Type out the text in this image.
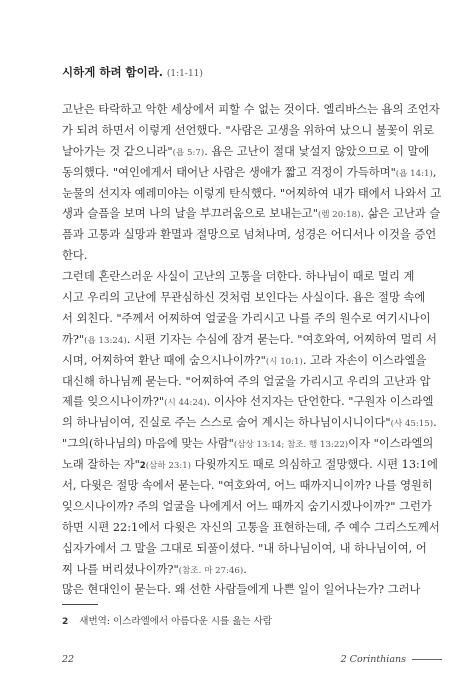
시하게 하려 함이라. (1:1-11)
고난은 타락하고 악한 세상에서 피할 수 없는 것이다. 엘리바스는 욥의 조언자
가 되려 하면서 이렇게 선언했다. "사람은 고생을 위하여 났으니 불꽃이 위로
날아가는 것 같으니라"(욥 5:7). 욥은 고난이 절대 낯설지 않았으므로 이 말에
동의했다. "여인에게서 태어난 사람은 생애가 짧고 걱정이 가득하며"(욥 14:1),
눈물의 선지자 예레미야는 이렇게 탄식했다. "어찌하여 내가 태에서 나와서 고
생과 슬픔을 보며 나의 날을 부끄러움으로 보내는고"(렘 20:18). 삶은 고난과 슬
픔과 고통과 실망과 환멸과 절망으로 넘쳐나며, 성경은 어디서나 이것을 증언
한다.
그런데 혼란스러운 사실이 고난의 고통을 더한다. 하나님이 때로 멀리 계
시고 우리의 고난에 무관심하신 것처럼 보인다는 사실이다. 욥은 절망 속에
서 외친다. "주께서 어찌하여 얼굴을 가리시고 나를 주의 원수로 여기시나이
까?"(욥 13:24). 시편 기자는 수심에 잠겨 묻는다. "여호와여, 어찌하여 멀리 서
시며, 어찌하여 환난 때에 숨으시나이까?"(시 10:1). 고라 자손이 이스라엘을
대신해 하나님께 묻는다. "어찌하여 주의 얼굴을 가리시고 우리의 고난과 압
제를 잊으시나이까?"(시 44:24). 이사야 선지자는 단언한다. "구원자 이스라엘
의 하나님이여, 진실로 주는 스스로 숨어 계시는 하나님이시니이다"(사 45:15).
"그의(하나님의) 마음에 맞는 사람"(삼상 13:14; 참조. 행 13:22)이자 "이스라엘의
노래 잘하는 자"$^2$(삼하 23:1) 다윗까지도 때로 의심하고 절망했다. 시편 13:1에
서, 다윗은 절망 속에서 묻는다. "여호와여, 어느 때까지니이까? 나를 영원히
잊으시나이까? 주의 얼굴을 나에게서 어느 때까지 숨기시겠나이까?" 그런가
하면 시편 22:1에서 다윗은 자신의 고통을 표현하는데, 주 예수 그리스도께서
십자가에서 그 말을 그대로 되풀이셨다. "내 하나님이여, 내 하나님이여, 어
찌 나를 버리셨나이까?"(참조. 마 27:46).
많은 현대인이 묻는다. 왜 선한 사람들에게 나쁜 일이 일어나는가? 그러나
2 새번역: 이스라엘에서 아름다운 시를 읊는 사람
22	2 Corinthians
